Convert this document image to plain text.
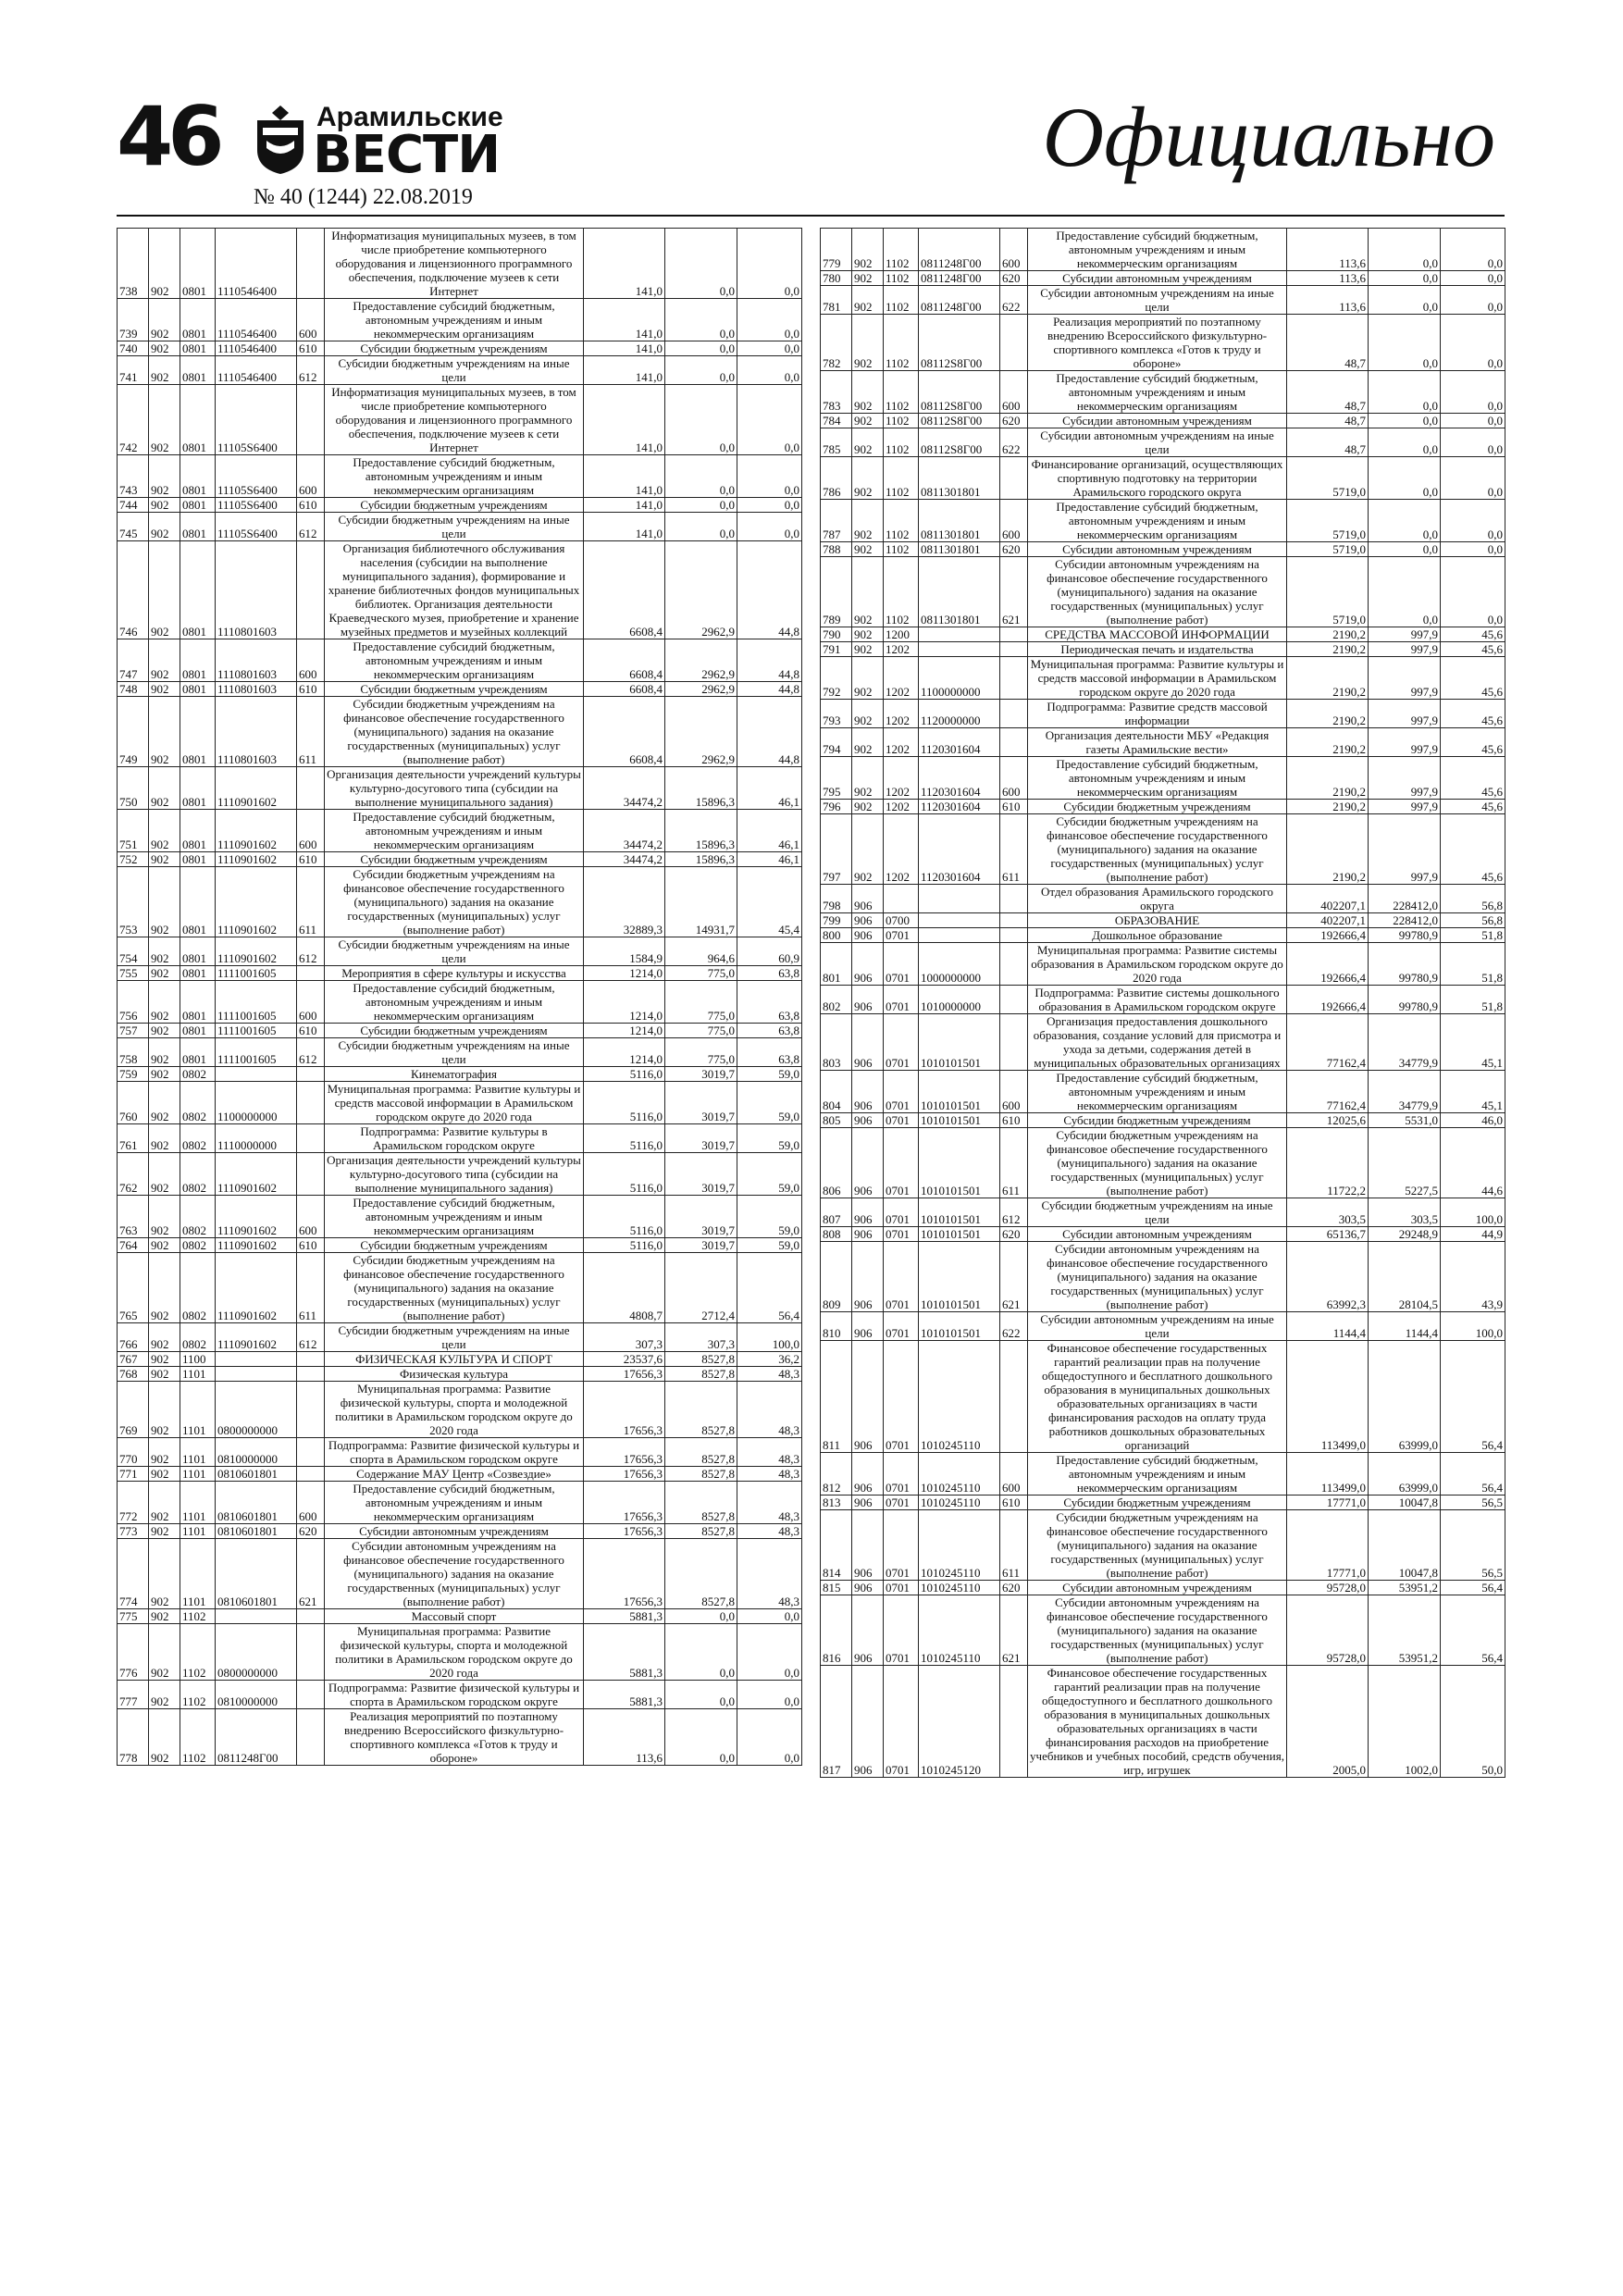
46	Арамильские
ВЕСТИ
№ 40 (1244) 22.08.2019
Официально
738	902	0801	1110546400		Информатизация муниципальных музеев, в том числе приобретение компьютерного оборудования и лицензионного программного обеспечения, подключение музеев к сети Интернет	141,0	0,0	0,0
739	902	0801	1110546400	600	Предоставление субсидий бюджетным, автономным учреждениям и иным некоммерческим организациям	141,0	0,0	0,0
740	902	0801	1110546400	610	Субсидии бюджетным учреждениям	141,0	0,0	0,0
741	902	0801	1110546400	612	Субсидии бюджетным учреждениям на иные цели	141,0	0,0	0,0
742	902	0801	11105S6400		Информатизация муниципальных музеев, в том числе приобретение компьютерного оборудования и лицензионного программного обеспечения, подключение музеев к сети Интернет	141,0	0,0	0,0
743	902	0801	11105S6400	600	Предоставление субсидий бюджетным, автономным учреждениям и иным некоммерческим организациям	141,0	0,0	0,0
744	902	0801	11105S6400	610	Субсидии бюджетным учреждениям	141,0	0,0	0,0
745	902	0801	11105S6400	612	Субсидии бюджетным учреждениям на иные цели	141,0	0,0	0,0
746	902	0801	1110801603		Организация библиотечного обслуживания населения (субсидии на выполнение муниципального задания), формирование и хранение библиотечных фондов муниципальных библиотек. Организация деятельности Краеведческого музея, приобретение и хранение музейных предметов и музейных коллекций	6608,4	2962,9	44,8
747	902	0801	1110801603	600	Предоставление субсидий бюджетным, автономным учреждениям и иным некоммерческим организациям	6608,4	2962,9	44,8
748	902	0801	1110801603	610	Субсидии бюджетным учреждениям	6608,4	2962,9	44,8
749	902	0801	1110801603	611	Субсидии бюджетным учреждениям на финансовое обеспечение государственного (муниципального) задания на оказание государственных (муниципальных) услуг (выполнение работ)	6608,4	2962,9	44,8
750	902	0801	1110901602		Организация деятельности учреждений культуры культурно-досугового типа (субсидии на выполнение муниципального задания)	34474,2	15896,3	46,1
751	902	0801	1110901602	600	Предоставление субсидий бюджетным, автономным учреждениям и иным некоммерческим организациям	34474,2	15896,3	46,1
752	902	0801	1110901602	610	Субсидии бюджетным учреждениям	34474,2	15896,3	46,1
753	902	0801	1110901602	611	Субсидии бюджетным учреждениям на финансовое обеспечение государственного (муниципального) задания на оказание государственных (муниципальных) услуг (выполнение работ)	32889,3	14931,7	45,4
754	902	0801	1110901602	612	Субсидии бюджетным учреждениям на иные цели	1584,9	964,6	60,9
755	902	0801	1111001605		Мероприятия в сфере культуры и искусства	1214,0	775,0	63,8
756	902	0801	1111001605	600	Предоставление субсидий бюджетным, автономным учреждениям и иным некоммерческим организациям	1214,0	775,0	63,8
757	902	0801	1111001605	610	Субсидии бюджетным учреждениям	1214,0	775,0	63,8
758	902	0801	1111001605	612	Субсидии бюджетным учреждениям на иные цели	1214,0	775,0	63,8
759	902	0802			Кинематография	5116,0	3019,7	59,0
760	902	0802	1100000000		Муниципальная программа: Развитие культуры и средств массовой информации в Арамильском городском округе до 2020 года	5116,0	3019,7	59,0
761	902	0802	1110000000		Подпрограмма: Развитие культуры в Арамильском городском округе	5116,0	3019,7	59,0
762	902	0802	1110901602		Организация деятельности учреждений культуры культурно-досугового типа (субсидии на выполнение муниципального задания)	5116,0	3019,7	59,0
763	902	0802	1110901602	600	Предоставление субсидий бюджетным, автономным учреждениям и иным некоммерческим организациям	5116,0	3019,7	59,0
764	902	0802	1110901602	610	Субсидии бюджетным учреждениям	5116,0	3019,7	59,0
765	902	0802	1110901602	611	Субсидии бюджетным учреждениям на финансовое обеспечение государственного (муниципального) задания на оказание государственных (муниципальных) услуг (выполнение работ)	4808,7	2712,4	56,4
766	902	0802	1110901602	612	Субсидии бюджетным учреждениям на иные цели	307,3	307,3	100,0
767	902	1100			ФИЗИЧЕСКАЯ КУЛЬТУРА И СПОРТ	23537,6	8527,8	36,2
768	902	1101			Физическая культура	17656,3	8527,8	48,3
769	902	1101	0800000000		Муниципальная программа: Развитие физической культуры, спорта и молодежной политики в Арамильском городском округе до 2020 года	17656,3	8527,8	48,3
770	902	1101	0810000000		Подпрограмма: Развитие физической культуры и спорта в Арамильском городском округе	17656,3	8527,8	48,3
771	902	1101	0810601801		Содержание МАУ Центр «Созвездие»	17656,3	8527,8	48,3
772	902	1101	0810601801	600	Предоставление субсидий бюджетным, автономным учреждениям и иным некоммерческим организациям	17656,3	8527,8	48,3
773	902	1101	0810601801	620	Субсидии автономным учреждениям	17656,3	8527,8	48,3
774	902	1101	0810601801	621	Субсидии автономным учреждениям на финансовое обеспечение государственного (муниципального) задания на оказание государственных (муниципальных) услуг (выполнение работ)	17656,3	8527,8	48,3
775	902	1102			Массовый спорт	5881,3	0,0	0,0
776	902	1102	0800000000		Муниципальная программа: Развитие физической культуры, спорта и молодежной политики в Арамильском городском округе до 2020 года	5881,3	0,0	0,0
777	902	1102	0810000000		Подпрограмма: Развитие физической культуры и спорта в Арамильском городском округе	5881,3	0,0	0,0
778	902	1102	0811248Г00		Реализация мероприятий по поэтапному внедрению Всероссийского физкультурно-спортивного комплекса «Готов к труду и обороне»	113,6	0,0	0,0
779	902	1102	0811248Г00	600	Предоставление субсидий бюджетным, автономным учреждениям и иным некоммерческим организациям	113,6	0,0	0,0
780	902	1102	0811248Г00	620	Субсидии автономным учреждениям	113,6	0,0	0,0
781	902	1102	0811248Г00	622	Субсидии автономным учреждениям на иные цели	113,6	0,0	0,0
782	902	1102	08112S8Г00		Реализация мероприятий по поэтапному внедрению Всероссийского физкультурно-спортивного комплекса «Готов к труду и обороне»	48,7	0,0	0,0
783	902	1102	08112S8Г00	600	Предоставление субсидий бюджетным, автономным учреждениям и иным некоммерческим организациям	48,7	0,0	0,0
784	902	1102	08112S8Г00	620	Субсидии автономным учреждениям	48,7	0,0	0,0
785	902	1102	08112S8Г00	622	Субсидии автономным учреждениям на иные цели	48,7	0,0	0,0
786	902	1102	0811301801		Финансирование организаций, осуществляющих спортивную подготовку на территории Арамильского городского округа	5719,0	0,0	0,0
787	902	1102	0811301801	600	Предоставление субсидий бюджетным, автономным учреждениям и иным некоммерческим организациям	5719,0	0,0	0,0
788	902	1102	0811301801	620	Субсидии автономным учреждениям	5719,0	0,0	0,0
789	902	1102	0811301801	621	Субсидии автономным учреждениям на финансовое обеспечение государственного (муниципального) задания на оказание государственных (муниципальных) услуг (выполнение работ)	5719,0	0,0	0,0
790	902	1200			СРЕДСТВА МАССОВОЙ ИНФОРМАЦИИ	2190,2	997,9	45,6
791	902	1202			Периодическая печать и издательства	2190,2	997,9	45,6
792	902	1202	1100000000		Муниципальная программа: Развитие культуры и средств массовой информации в Арамильском городском округе до 2020 года	2190,2	997,9	45,6
793	902	1202	1120000000		Подпрограмма: Развитие средств массовой информации	2190,2	997,9	45,6
794	902	1202	1120301604		Организация деятельности МБУ «Редакция газеты Арамильские вести»	2190,2	997,9	45,6
795	902	1202	1120301604	600	Предоставление субсидий бюджетным, автономным учреждениям и иным некоммерческим организациям	2190,2	997,9	45,6
796	902	1202	1120301604	610	Субсидии бюджетным учреждениям	2190,2	997,9	45,6
797	902	1202	1120301604	611	Субсидии бюджетным учреждениям на финансовое обеспечение государственного (муниципального) задания на оказание государственных (муниципальных) услуг (выполнение работ)	2190,2	997,9	45,6
798	906				Отдел образования Арамильского городского округа	402207,1	228412,0	56,8
799	906	0700			ОБРАЗОВАНИЕ	402207,1	228412,0	56,8
800	906	0701			Дошкольное образование	192666,4	99780,9	51,8
801	906	0701	1000000000		Муниципальная программа: Развитие системы образования в Арамильском городском округе до 2020 года	192666,4	99780,9	51,8
802	906	0701	1010000000		Подпрограмма: Развитие системы дошкольного образования в Арамильском городском округе	192666,4	99780,9	51,8
803	906	0701	1010101501		Организация предоставления дошкольного образования, создание условий для присмотра и ухода за детьми, содержания детей в муниципальных образовательных организациях	77162,4	34779,9	45,1
804	906	0701	1010101501	600	Предоставление субсидий бюджетным, автономным учреждениям и иным некоммерческим организациям	77162,4	34779,9	45,1
805	906	0701	1010101501	610	Субсидии бюджетным учреждениям	12025,6	5531,0	46,0
806	906	0701	1010101501	611	Субсидии бюджетным учреждениям на финансовое обеспечение государственного (муниципального) задания на оказание государственных (муниципальных) услуг (выполнение работ)	11722,2	5227,5	44,6
807	906	0701	1010101501	612	Субсидии бюджетным учреждениям на иные цели	303,5	303,5	100,0
808	906	0701	1010101501	620	Субсидии автономным учреждениям	65136,7	29248,9	44,9
809	906	0701	1010101501	621	Субсидии автономным учреждениям на финансовое обеспечение государственного (муниципального) задания на оказание государственных (муниципальных) услуг (выполнение работ)	63992,3	28104,5	43,9
810	906	0701	1010101501	622	Субсидии автономным учреждениям на иные цели	1144,4	1144,4	100,0
811	906	0701	1010245110		Финансовое обеспечение государственных гарантий реализации прав на получение общедоступного и бесплатного дошкольного образования в муниципальных дошкольных образовательных организациях в части финансирования расходов на оплату труда работников дошкольных образовательных организаций	113499,0	63999,0	56,4
812	906	0701	1010245110	600	Предоставление субсидий бюджетным, автономным учреждениям и иным некоммерческим организациям	113499,0	63999,0	56,4
813	906	0701	1010245110	610	Субсидии бюджетным учреждениям	17771,0	10047,8	56,5
814	906	0701	1010245110	611	Субсидии бюджетным учреждениям на финансовое обеспечение государственного (муниципального) задания на оказание государственных (муниципальных) услуг (выполнение работ)	17771,0	10047,8	56,5
815	906	0701	1010245110	620	Субсидии автономным учреждениям	95728,0	53951,2	56,4
816	906	0701	1010245110	621	Субсидии автономным учреждениям на финансовое обеспечение государственного (муниципального) задания на оказание государственных (муниципальных) услуг (выполнение работ)	95728,0	53951,2	56,4
817	906	0701	1010245120		Финансовое обеспечение государственных гарантий реализации прав на получение общедоступного и бесплатного дошкольного образования в муниципальных дошкольных образовательных организациях в части финансирования расходов на приобретение учебников и учебных пособий, средств обучения, игр, игрушек	2005,0	1002,0	50,0
